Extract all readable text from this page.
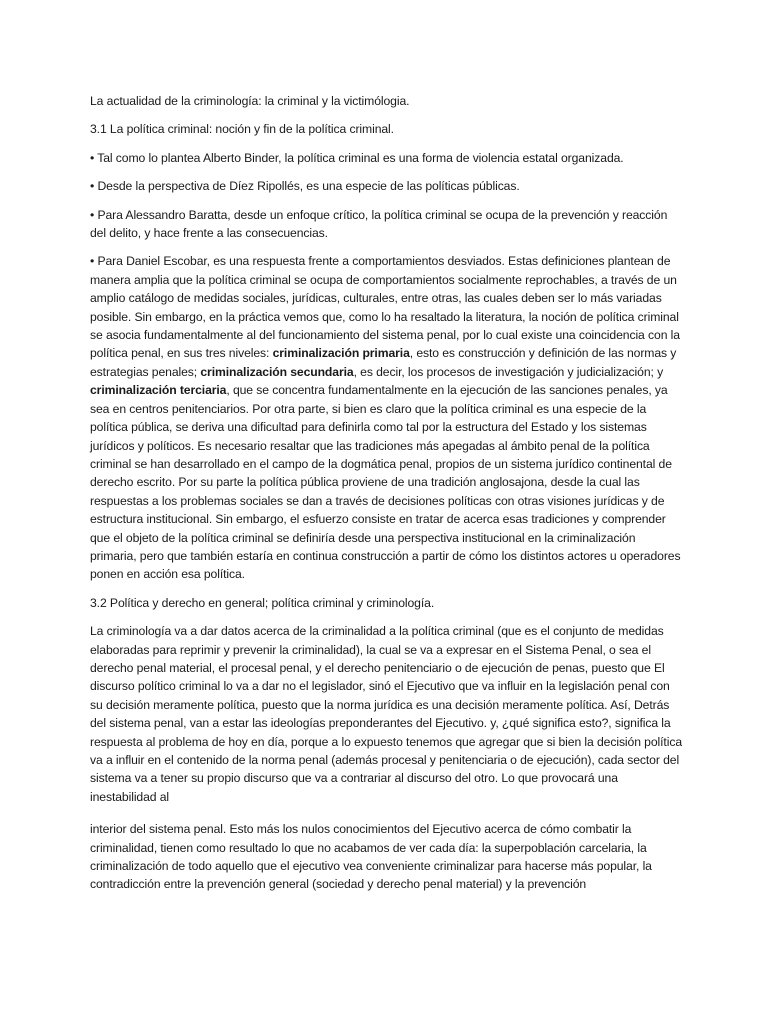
La actualidad de la criminología: la criminal y la victimólogia.

3.1 La política criminal: noción y fin de la política criminal.

• Tal como lo plantea Alberto Binder, la política criminal es una forma de violencia estatal organizada.

• Desde la perspectiva de Díez Ripollés, es una especie de las políticas públicas.

• Para Alessandro Baratta, desde un enfoque crítico, la política criminal se ocupa de la prevención y reacción del delito, y hace frente a las consecuencias.

• Para Daniel Escobar, es una respuesta frente a comportamientos desviados. Estas definiciones plantean de manera amplia que la política criminal se ocupa de comportamientos socialmente reprochables, a través de un amplio catálogo de medidas sociales, jurídicas, culturales, entre otras, las cuales deben ser lo más variadas posible. Sin embargo, en la práctica vemos que, como lo ha resaltado la literatura, la noción de política criminal se asocia fundamentalmente al del funcionamiento del sistema penal, por lo cual existe una coincidencia con la política penal, en sus tres niveles: criminalización primaria, esto es construcción y definición de las normas y estrategias penales; criminalización secundaria, es decir, los procesos de investigación y judicialización; y criminalización terciaria, que se concentra fundamentalmente en la ejecución de las sanciones penales, ya sea en centros penitenciarios. Por otra parte, si bien es claro que la política criminal es una especie de la política pública, se deriva una dificultad para definirla como tal por la estructura del Estado y los sistemas jurídicos y políticos. Es necesario resaltar que las tradiciones más apegadas al ámbito penal de la política criminal se han desarrollado en el campo de la dogmática penal, propios de un sistema jurídico continental de derecho escrito. Por su parte la política pública proviene de una tradición anglosajona, desde la cual las respuestas a los problemas sociales se dan a través de decisiones políticas con otras visiones jurídicas y de estructura institucional. Sin embargo, el esfuerzo consiste en tratar de acerca esas tradiciones y comprender que el objeto de la política criminal se definiría desde una perspectiva institucional en la criminalización primaria, pero que también estaría en continua construcción a partir de cómo los distintos actores u operadores ponen en acción esa política.

3.2 Política y derecho en general; política criminal y criminología.

La criminología va a dar datos acerca de la criminalidad a la política criminal (que es el conjunto de medidas elaboradas para reprimir y prevenir la criminalidad), la cual se va a expresar en el Sistema Penal, o sea el derecho penal material, el procesal penal, y el derecho penitenciario o de ejecución de penas, puesto que El discurso político criminal lo va a dar no el legislador, sinó el Ejecutivo que va influir en la legislación penal con su decisión meramente política, puesto que la norma jurídica es una decisión meramente política. Así, Detrás del sistema penal, van a estar las ideologías preponderantes del Ejecutivo. y, ¿qué significa esto?, significa la respuesta al problema de hoy en día, porque a lo expuesto tenemos que agregar que si bien la decisión política va a influir en el contenido de la norma penal (además procesal y penitenciaria o de ejecución), cada sector del sistema va a tener su propio discurso que va a contrariar al discurso del otro. Lo que provocará una inestabilidad al

interior del sistema penal. Esto más los nulos conocimientos del Ejecutivo acerca de cómo combatir la criminalidad, tienen como resultado lo que no acabamos de ver cada día: la superpoblación carcelaria, la criminalización de todo aquello que el ejecutivo vea conveniente criminalizar para hacerse más popular, la contradicción entre la prevención general (sociedad y derecho penal material) y la prevención
